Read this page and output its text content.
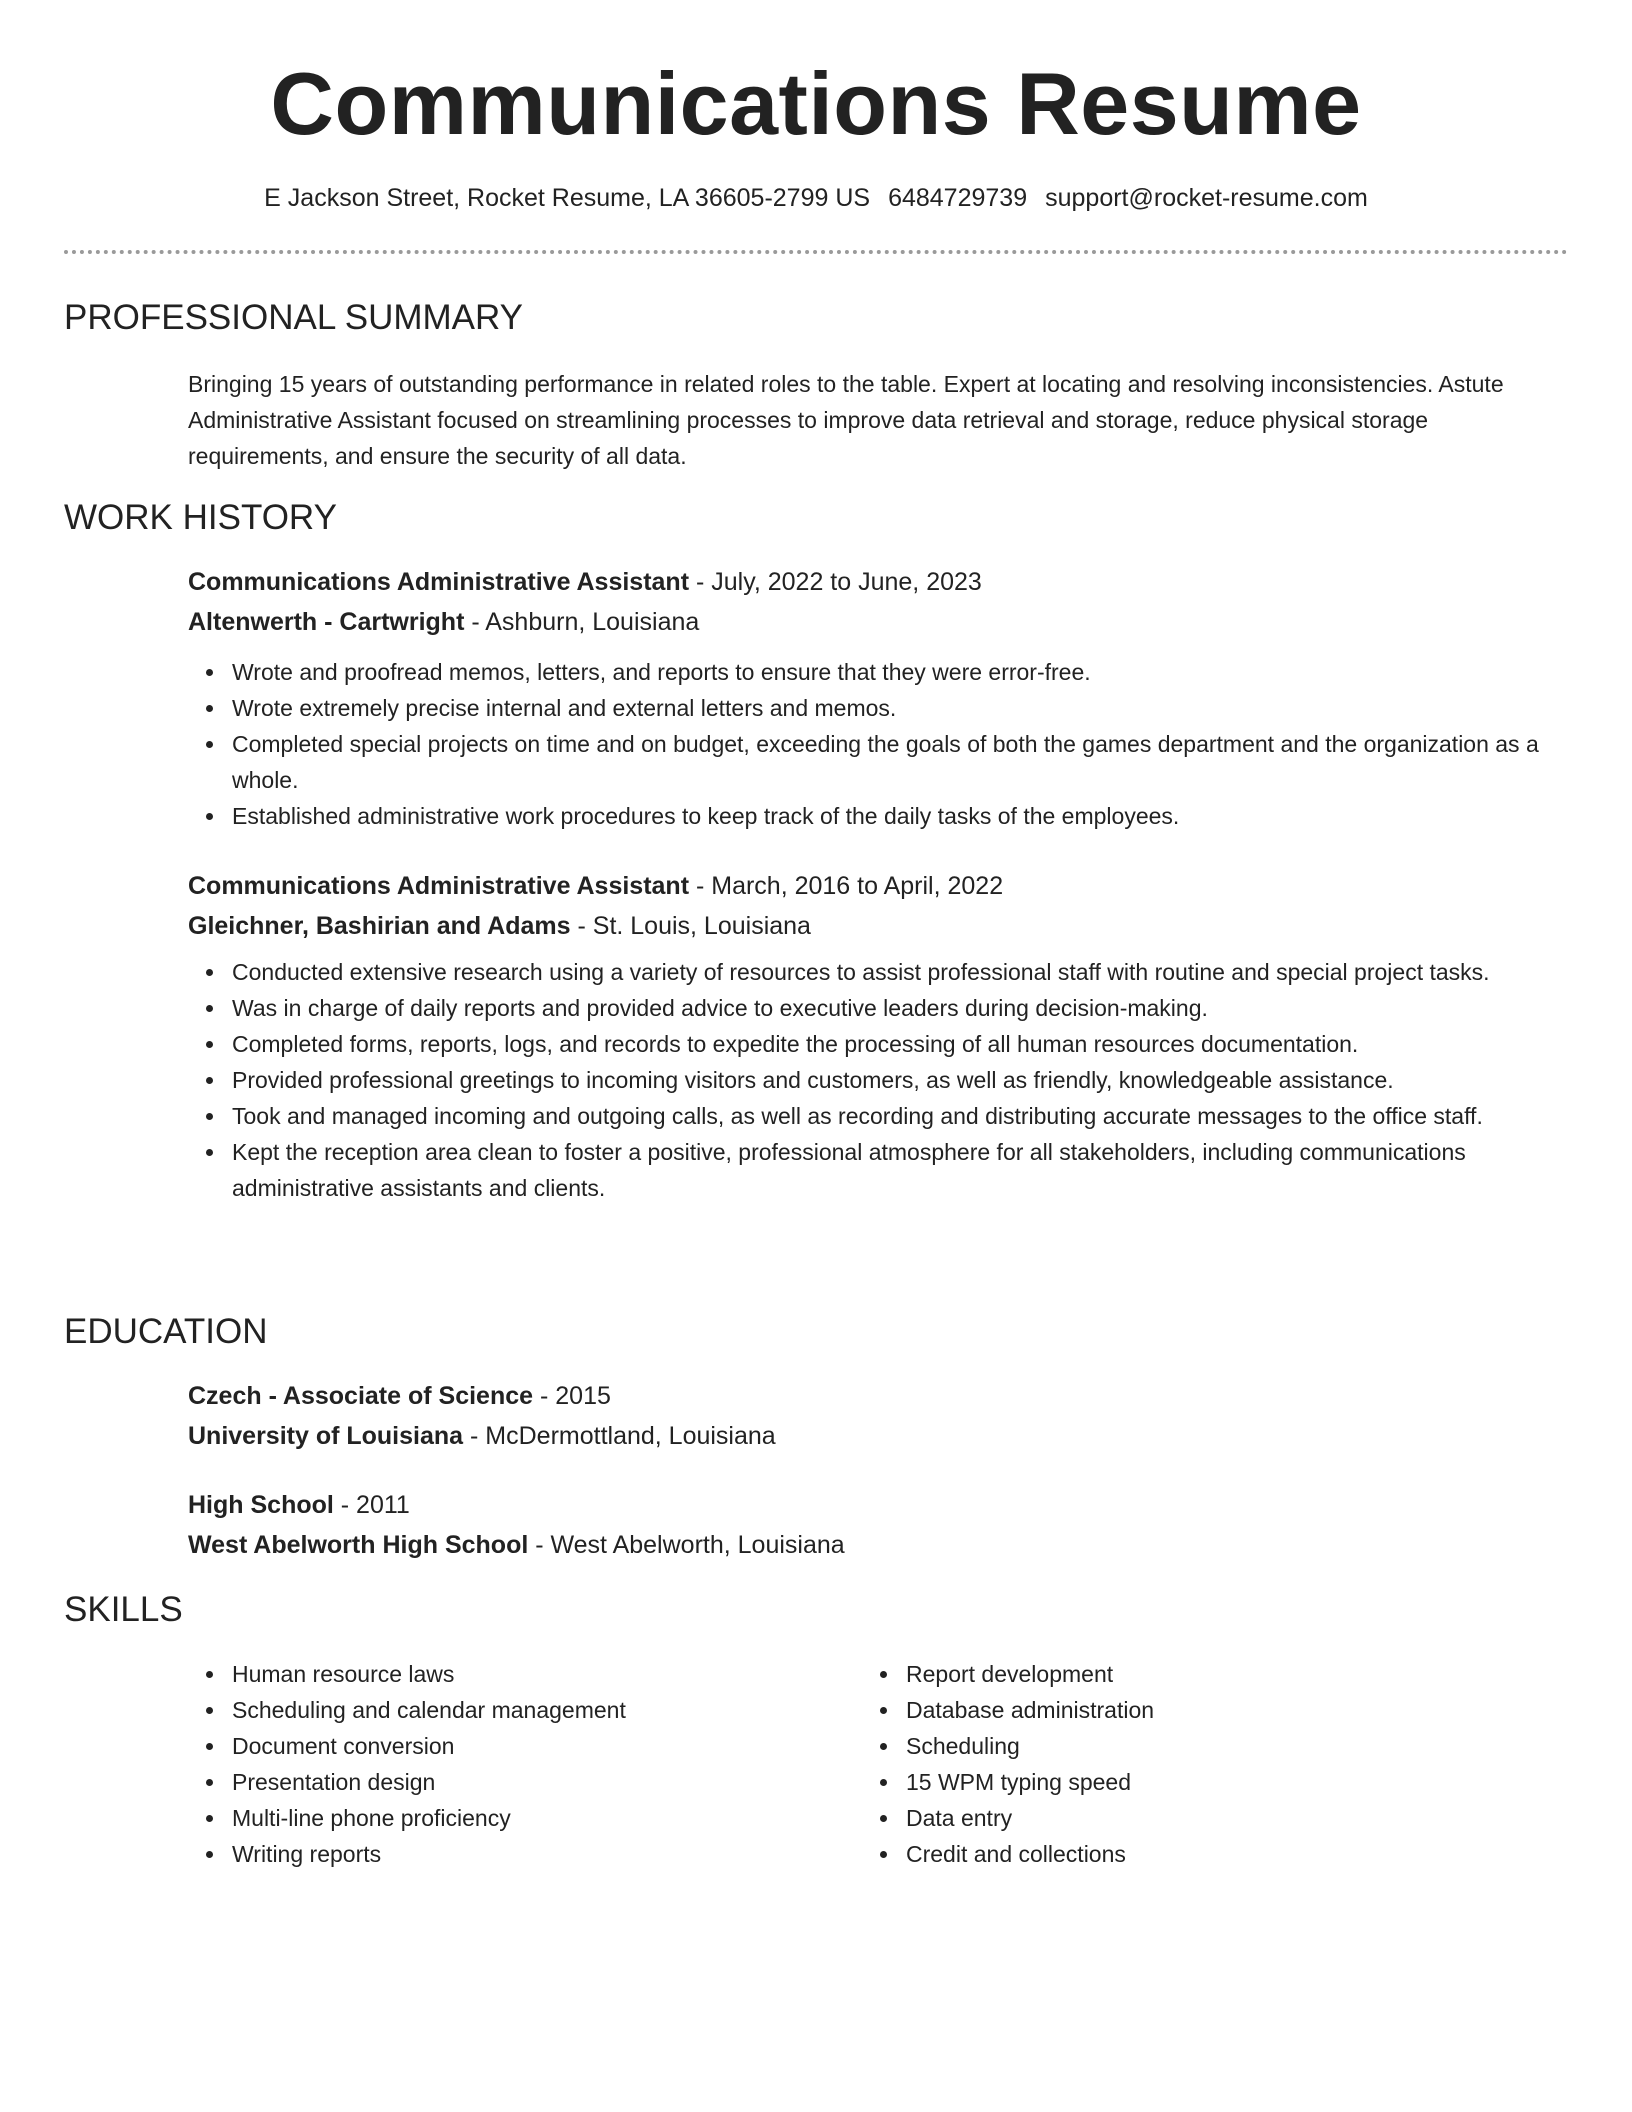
Communications Resume
E Jackson Street, Rocket Resume, LA 36605-2799 US 6484729739 support@rocket-resume.com
PROFESSIONAL SUMMARY
Bringing 15 years of outstanding performance in related roles to the table. Expert at locating and resolving inconsistencies. Astute Administrative Assistant focused on streamlining processes to improve data retrieval and storage, reduce physical storage requirements, and ensure the security of all data.
WORK HISTORY
Communications Administrative Assistant - July, 2022 to June, 2023
Altenwerth - Cartwright - Ashburn, Louisiana
Wrote and proofread memos, letters, and reports to ensure that they were error-free.
Wrote extremely precise internal and external letters and memos.
Completed special projects on time and on budget, exceeding the goals of both the games department and the organization as a whole.
Established administrative work procedures to keep track of the daily tasks of the employees.
Communications Administrative Assistant - March, 2016 to April, 2022
Gleichner, Bashirian and Adams - St. Louis, Louisiana
Conducted extensive research using a variety of resources to assist professional staff with routine and special project tasks.
Was in charge of daily reports and provided advice to executive leaders during decision-making.
Completed forms, reports, logs, and records to expedite the processing of all human resources documentation.
Provided professional greetings to incoming visitors and customers, as well as friendly, knowledgeable assistance.
Took and managed incoming and outgoing calls, as well as recording and distributing accurate messages to the office staff.
Kept the reception area clean to foster a positive, professional atmosphere for all stakeholders, including communications administrative assistants and clients.
EDUCATION
Czech - Associate of Science - 2015
University of Louisiana - McDermottland, Louisiana
High School - 2011
West Abelworth High School - West Abelworth, Louisiana
SKILLS
Human resource laws
Scheduling and calendar management
Document conversion
Presentation design
Multi-line phone proficiency
Writing reports
Report development
Database administration
Scheduling
15 WPM typing speed
Data entry
Credit and collections
